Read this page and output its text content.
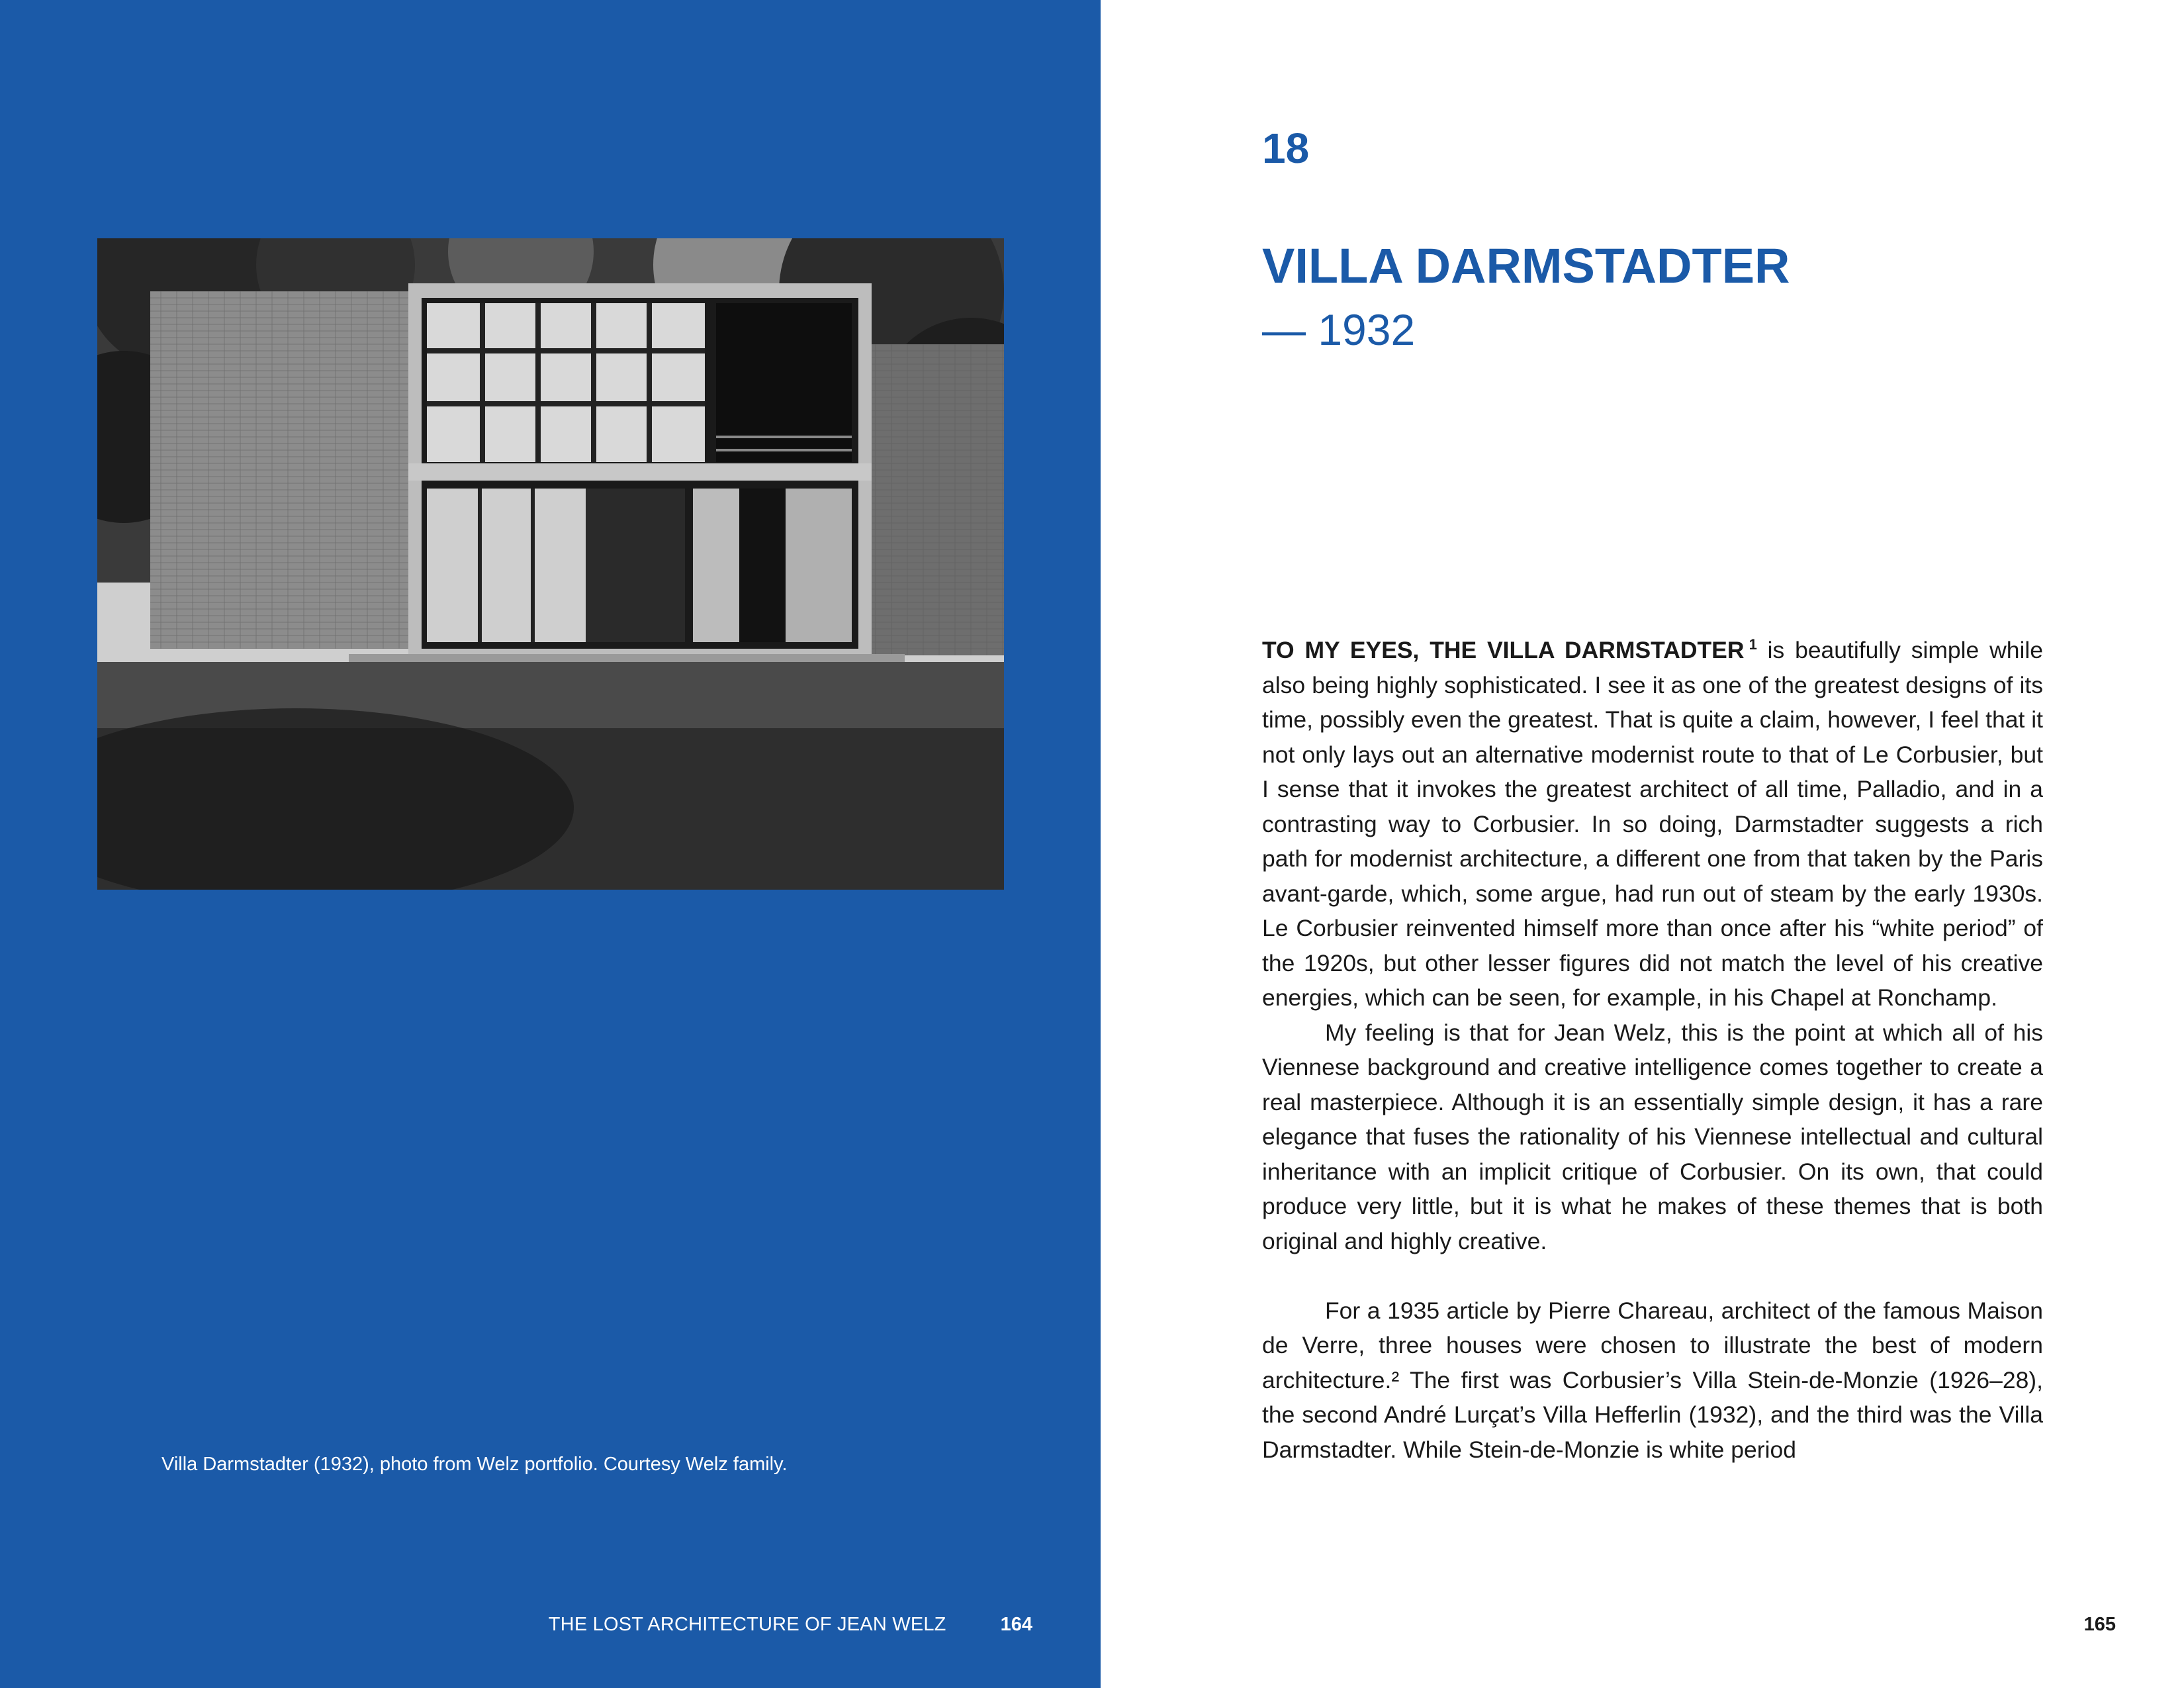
Villa Darmstadter (1932), photo from Welz portfolio. Courtesy Welz family.
THE LOST ARCHITECTURE OF JEAN WELZ	164
18
VILLA DARMSTADTER
— 1932

TO MY EYES, THE VILLA DARMSTADTER  $^1$ is beautifully simple while also being highly sophisticated. I see it as one of the greatest designs of its time, possibly even the greatest. That is quite a claim, however, I feel that it not only lays out an alternative modernist route to that of Le Corbusier, but I sense that it invokes the greatest architect of all time, Palladio, and in a contrasting way to Corbusier. In so doing, Darmstadter suggests a rich path for modernist architecture, a different one from that taken by the Paris avant-garde, which, some argue, had run out of steam by the early 1930s. Le Corbusier reinvented himself more than once after his “white period” of the 1920s, but other lesser figures did not match the level of his creative energies, which can be seen, for example, in his Chapel at Ronchamp.

My feeling is that for Jean Welz, this is the point at which all of his Viennese background and creative intelligence comes together to create a real masterpiece. Although it is an essentially simple design, it has a rare elegance that fuses the rationality of his Viennese intellectual and cultural inheritance with an implicit critique of Corbusier. On its own, that could produce very little, but it is what he makes of these themes that is both original and highly creative.

For a 1935 article by Pierre Chareau, architect of the famous Maison de Verre, three houses were chosen to illustrate the best of modern architecture.² The first was Corbusier’s Villa Stein-de-Monzie (1926–28), the second André Lurçat’s Villa Hefferlin (1932), and the third was the Villa Darmstadter. While Stein-de-Monzie is white period

165
